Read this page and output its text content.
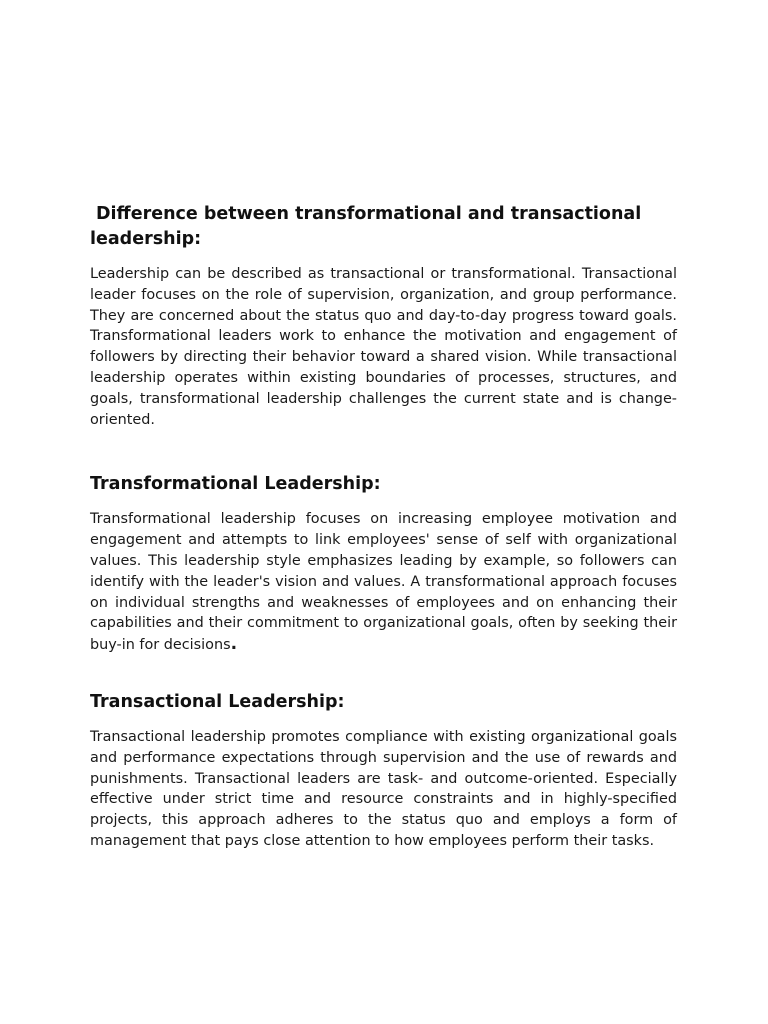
Difference between transformational and transactional leadership:

Leadership can be described as transactional or transformational. Transactional leader focuses on the role of supervision, organization, and group performance. They are concerned about the status quo and day-to-day progress toward goals. Transformational leaders work to enhance the motivation and engagement of followers by directing their behavior toward a shared vision. While transactional leadership operates within existing boundaries of processes, structures, and goals, transformational leadership challenges the current state and is change-oriented.

Transformational Leadership:

Transformational leadership focuses on increasing employee motivation and engagement and attempts to link employees' sense of self with organizational values. This leadership style emphasizes leading by example, so followers can identify with the leader's vision and values. A transformational approach focuses on individual strengths and weaknesses of employees and on enhancing their capabilities and their commitment to organizational goals, often by seeking their buy-in for decisions.

Transactional Leadership:

Transactional leadership promotes compliance with existing organizational goals and performance expectations through supervision and the use of rewards and punishments. Transactional leaders are task- and outcome-oriented. Especially effective under strict time and resource constraints and in highly-specified projects, this approach adheres to the status quo and employs a form of management that pays close attention to how employees perform their tasks.
